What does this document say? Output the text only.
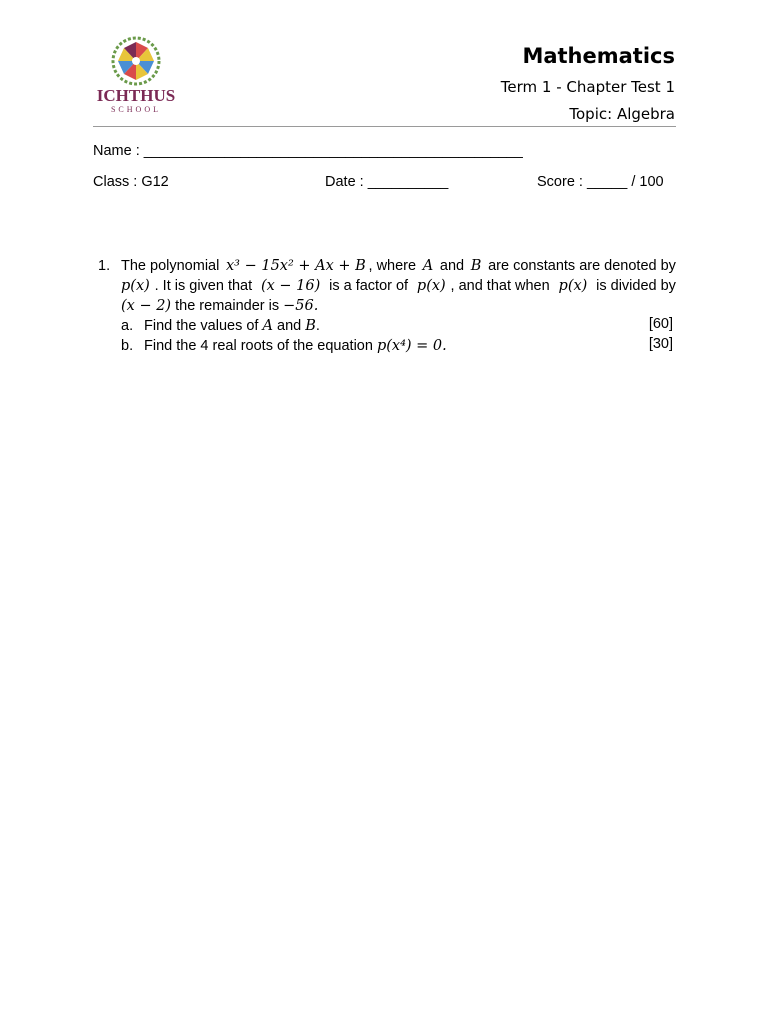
ICHTHUS
SCHOOL
Mathematics
Term 1 - Chapter Test 1
Topic: Algebra
Name : _______________________________________________
Class : G12	Date : __________	Score : _____ / 100
1. The polynomial x³ − 15x² + Ax + B , where A and B are constants are denoted by
p(x) . It is given that (x − 16) is a factor of p(x) , and that when p(x) is divided by
(x − 2) the remainder is −56.
a. Find the values of A and B.	[60]
b. Find the 4 real roots of the equation p(x⁴) = 0.	[30]
